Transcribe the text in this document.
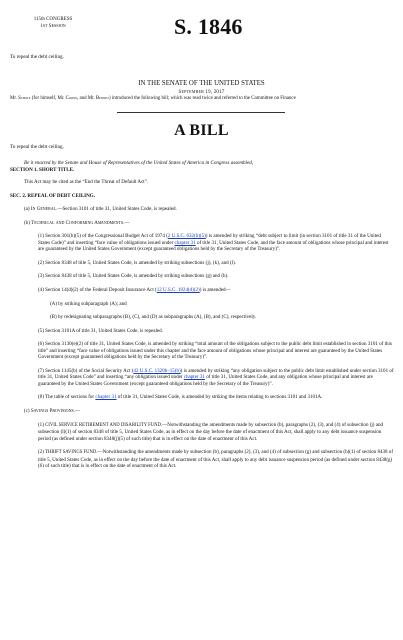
115th CONGRESS
1st Session	S. 1846
To repeal the debt ceiling.
IN THE SENATE OF THE UNITED STATES
September 19, 2017
Mr. Schatz (for himself, Mr. Coons, and Mr. Bennet) introduced the following bill; which was read twice and referred to the Committee on Finance
A BILL
To repeal the debt ceiling.

Be it enacted by the Senate and House of Representatives of the United States of America in Congress assembled,

SECTION 1. SHORT TITLE.

This Act may be cited as the “End the Threat of Default Act”.

SEC. 2. REPEAL OF DEBT CEILING.

(a) In General.—Section 3101 of title 31, United States Code, is repealed.

(b) Technical and Conforming Amendments.—

(1) Section 301(b)(5) of the Congressional Budget Act of 1974 (2 U.S.C. 632(b)(5)) is amended by striking “debt subject to limit (in section 3101 of title 31 of the United States Code)” and inserting “face value of obligations issued under chapter 31 of title 31, United States Code, and the face amount of obligations whose principal and interest are guaranteed by the United States Government (except guaranteed obligations held by the Secretary of the Treasury)”.

(2) Section 8348 of title 5, United States Code, is amended by striking subsections (j), (k), and (l).

(3) Section 8438 of title 5, United States Code, is amended by striking subsections (g) and (h).

(4) Section 14(d)(2) of the Federal Deposit Insurance Act (12 U.S.C. 1824(d)(2)) is amended—

(A) by striking subparagraph (A); and

(B) by redesignating subparagraphs (B), (C), and (D) as subparagraphs (A), (B), and (C), respectively.

(5) Section 3101A of title 31, United States Code, is repealed.

(6) Section 3130(e)(2) of title 31, United States Code, is amended by striking “total amount of the obligations subject to the public debt limit established in section 3101 of this title” and inserting “face value of obligations issued under this chapter and the face amount of obligations whose principal and interest are guaranteed by the United States Government (except guaranteed obligations held by the Secretary of the Treasury)”.

(7) Section 1145(b) of the Social Security Act (42 U.S.C. 1320b–15(b)) is amended by striking “any obligation subject to the public debt limit established under section 3101 of title 31, United States Code” and inserting “any obligation issued under chapter 31 of title 31, United States Code, and any obligation whose principal and interest are guaranteed by the United States Government (except guaranteed obligations held by the Secretary of the Treasury)”.

(8) The table of sections for chapter 31 of title 31, United States Code, is amended by striking the items relating to sections 3101 and 3101A.

(c) Savings Provisions.—

(1) CIVIL SERVICE RETIREMENT AND DISABILITY FUND.—Notwithstanding the amendments made by subsection (b), paragraphs (2), (3), and (4) of subsection (j) and subsection (l)(1) of section 8348 of title 5, United States Code, as in effect on the day before the date of enactment of this Act, shall apply to any debt issuance suspension period (as defined under section 8348(j)(5) of such title) that is in effect on the date of enactment of this Act.

(2) THRIFT SAVINGS FUND.—Notwithstanding the amendments made by subsection (b), paragraphs (2), (3), and (4) of subsection (g) and subsection (h)(1) of section 8438 of title 5, United States Code, as in effect on the day before the date of enactment of this Act, shall apply to any debt issuance suspension period (as defined under section 8438(g)(6) of such title) that is in effect on the date of enactment of this Act.
